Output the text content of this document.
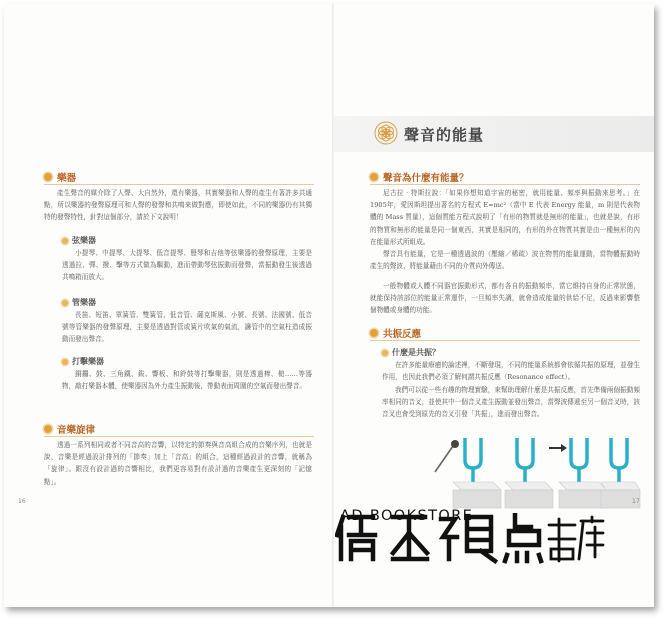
樂器

產生聲音的媒介除了人聲、大自然外，還有樂器，其實樂器和人聲的產生有著許多共通點，所以樂器的發聲原理可和人聲的發聲和共鳴來做對應，即使如此，不同的樂器仍有其獨特的發聲特性，針對這個部分，請於下文說明！

弦樂器

小提琴、中提琴、大提琴、低音提琴、豎琴和吉他等弦樂器的發聲原理，主要是透過拉、彈、撥、擊等方式做為驅動，進而帶動琴弦振動而發聲，當振動發生後透過共鳴箱而放大。

管樂器

長笛、短笛、單簧管、雙簧管、低音管、薩克斯風、小號、長號、法國號、低音號等管樂器的發聲原理，主要是透過對管或簧片吹氣的氣流，讓管中的空氣柱造成振動而發出聲音。

打擊樂器

銅鑼、鼓、三角鐵、鈸、響板、和鈴鼓等打擊樂器，則是透過棒、槌……等器物，敲打樂器本體，使樂器因為外力產生振動後，帶動表面周圍的空氣而發出聲音。

音樂旋律

透過一系列相同或者不同音高的音響，以特定的節奏與音高組合成的音樂序列，也就是說，音樂是經過設計排列的「節奏」加上「音高」的組合，這種經過設計的音響，就稱為「旋律」。跟沒有設計過的音響相比，我們更容易對有設計過的音樂產生更深刻的「記憶點」。

16
聲音的能量
聲音為什麼有能量？

尼古拉‧特斯拉說：「如果你想知道宇宙的秘密，就用能量、頻率與振動來思考。」在1905年，愛因斯坦提出著名的方程式 E=mc²（當中 E 代表 Energy 能量，m 則是代表物體的 Mass 質量），這個質能方程式說明了「有形的物質就是無形的能量」，也就是說，有形的物質和無形的能量是同一個東西，其實是相同的，有形的外在物質其實是由一種無形的內在能量形式所組成。

聲音具有能量，它是一種透過波的（壓縮／稀疏）波在物質的能量運動，當物體振動時產生的聲波，將能量藉由不同的介質向外傳送。

一般物體或人體不同器官振動形式，都有各自的振動頻率，當它維持自身的正常狀態，就能保持該部位的能量正常運作，一旦頻率失調，就會造成能量的供給不足，反過來影響整個物體或身體的功能。

共振反應
什麼是共振？

在許多能量療癒的論述裡，不斷發現，不同的能量系統都會依循共振的原理，並發生作用，也因此我們必須了解何謂共振反應（Resonance effect）。

我們可以從一些有趣的物理實驗，來幫助理解什麼是共振反應，首先準備兩個振動頻率相同的音叉，並使其中一個音叉產生振動並發出聲音，當聲波傳遞至另一個音叉時，該音叉也會受到原先的音叉引發「共振」，進而發出聲音。

17
AD BOOKSTORE
